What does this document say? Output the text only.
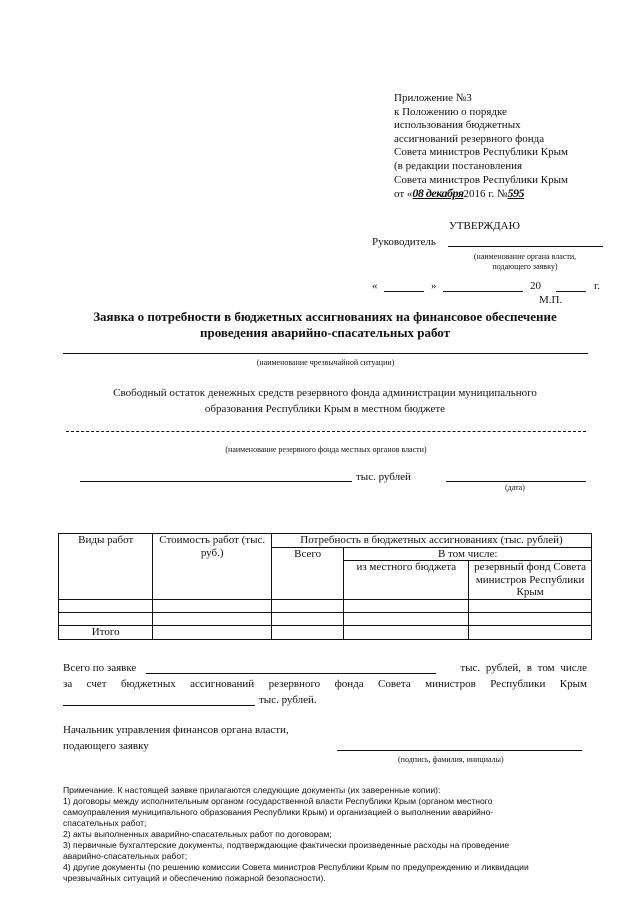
Приложение №3
к Положению о порядке
использования бюджетных
ассигнований резервного фонда
Совета министров Республики Крым
(в редакции постановления
Совета министров Республики Крым
от «08 декабря2016 г. №595
УТВЕРЖДАЮ
Руководитель
(наименование органа власти,
подающего заявку)
«	»	20	г.
М.П.
Заявка о потребности в бюджетных ассигнованиях на финансовое обеспечение
проведения аварийно-спасательных работ
(наименование чрезвычайной ситуации)
Свободный остаток денежных средств резервного фонда администрации муниципального
образования Республики Крым в местном бюджете
(наименование резервного фонда местных органов власти)
тыс. рублей
(дата)
Виды работ	Стоимость работ (тыс. руб.)	Потребность в бюджетных ассигнованиях (тыс. рублей)		
		Всего	В том числе:	
			из местного бюджета	резервный фонд Совета министров Республики Крым

Итого				
Всего по заявке	тыс. рублей, в том числе
за счет бюджетных ассигнований резервного фонда Совета министров Республики Крым
тыс. рублей.
Начальник управления финансов органа власти,
подающего заявку
(подпись, фамилия, инициалы)
Примечание. К настоящей заявке прилагаются следующие документы (их заверенные копии):
1) договоры между исполнительным органом государственной власти Республики Крым (органом местного
самоуправления муниципального образования Республики Крым) и организацией о выполнении аварийно-
спасательных работ;
2) акты выполненных аварийно-спасательных работ по договорам;
3) первичные бухгалтерские документы, подтверждающие фактически произведенные расходы на проведение
аварийно-спасательных работ;
4) другие документы (по решению комиссии Совета министров Республики Крым по предупреждению и ликвидации
чрезвычайных ситуаций и обеспечению пожарной безопасности).
